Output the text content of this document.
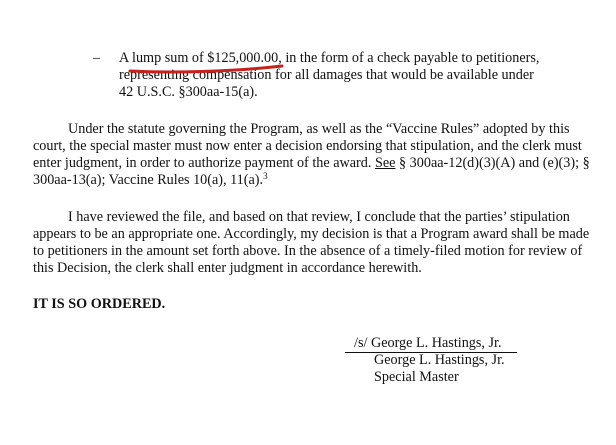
– A lump sum of $125,000.00, in the form of a check payable to petitioners,
representing compensation for all damages that would be available under
42 U.S.C. §300aa-15(a).
Under the statute governing the Program, as well as the “Vaccine Rules” adopted by this
court, the special master must now enter a decision endorsing that stipulation, and the clerk must
enter judgment, in order to authorize payment of the award. See § 300aa-12(d)(3)(A) and (e)(3); §
300aa-13(a); Vaccine Rules 10(a), 11(a).$^3$
I have reviewed the file, and based on that review, I conclude that the parties’ stipulation
appears to be an appropriate one. Accordingly, my decision is that a Program award shall be made
to petitioners in the amount set forth above. In the absence of a timely-filed motion for review of
this Decision, the clerk shall enter judgment in accordance herewith.
IT IS SO ORDERED.
/s/ George L. Hastings, Jr.
George L. Hastings, Jr.
Special Master
